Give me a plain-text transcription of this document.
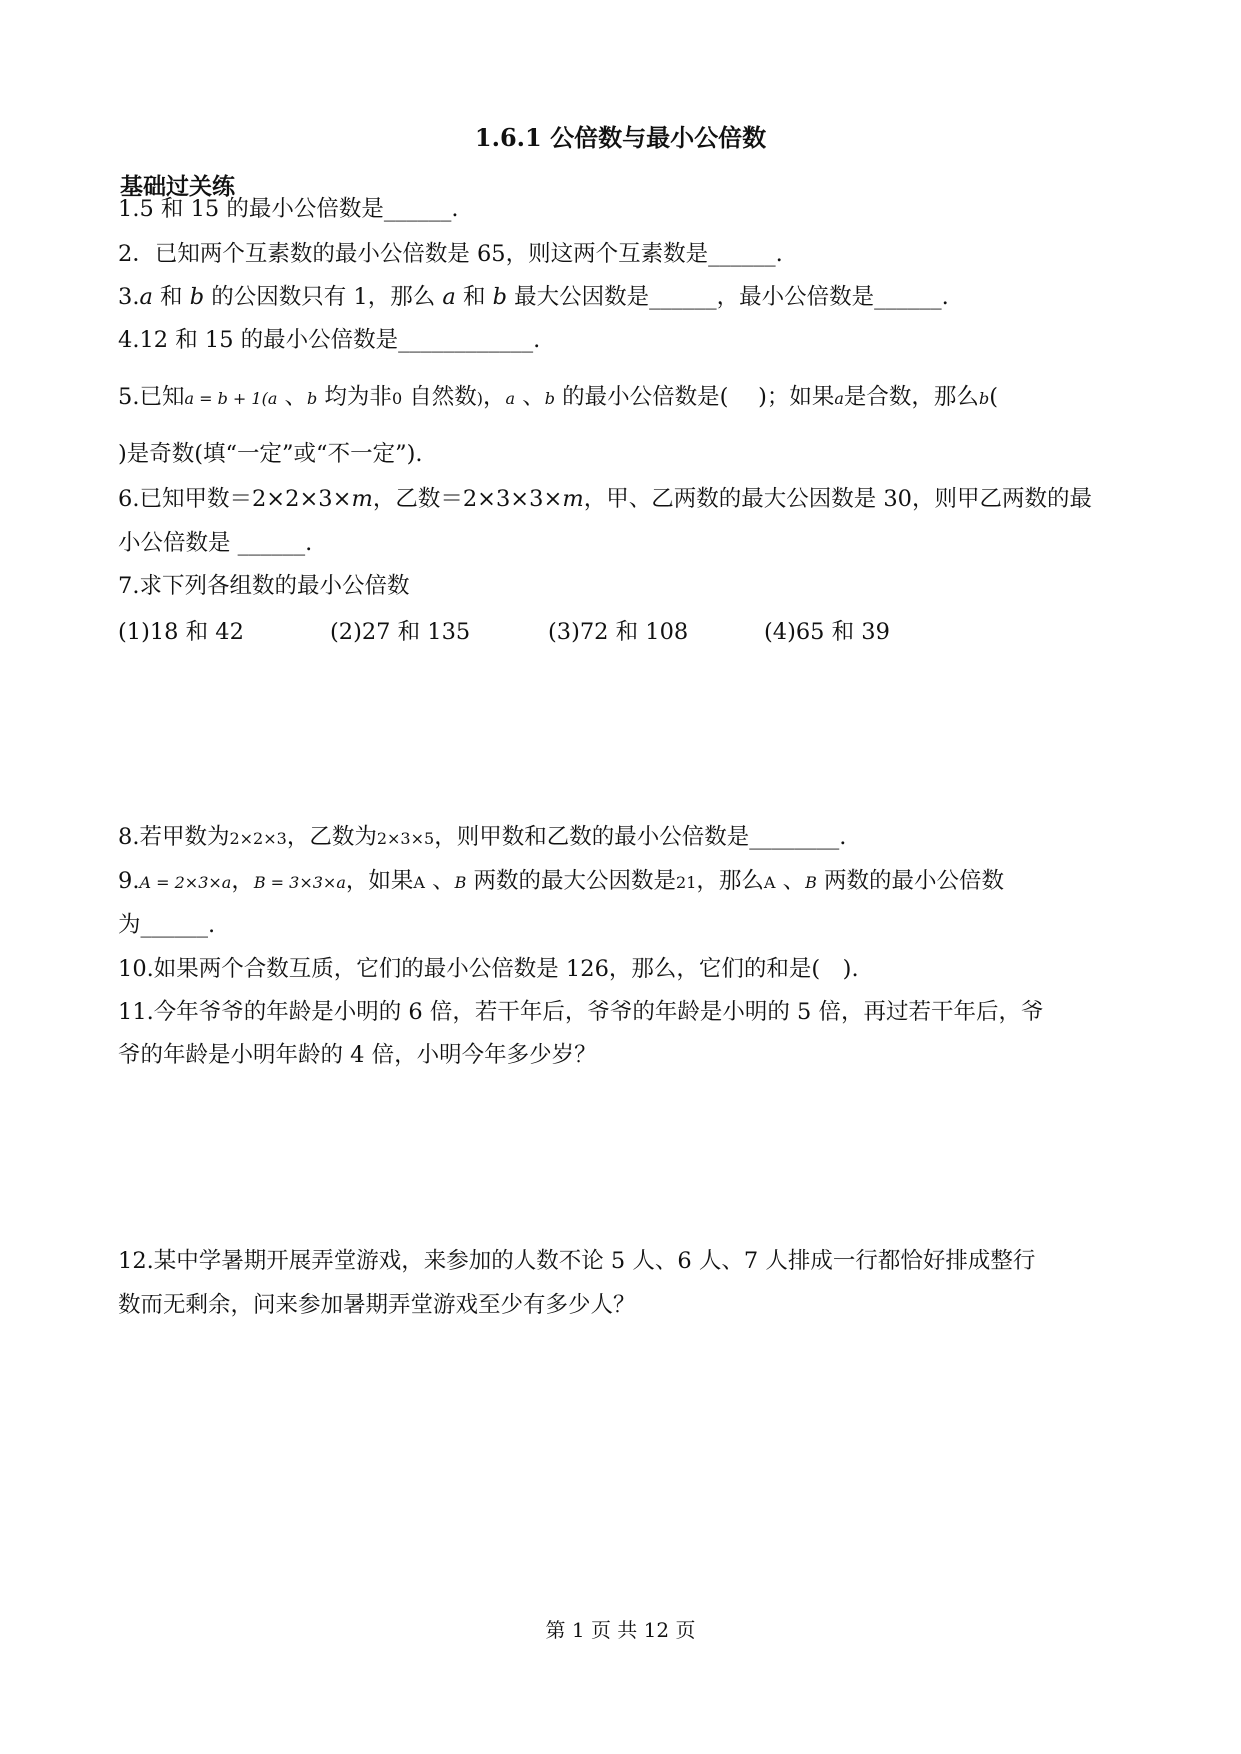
1.6.1 公倍数与最小公倍数
基础过关练
1.5 和 15 的最小公倍数是______.
2．已知两个互素数的最小公倍数是 65，则这两个互素数是______.
3.a 和 b 的公因数只有 1，那么 a 和 b 最大公因数是______，最小公倍数是______.
4.12 和 15 的最小公倍数是____________.
5.已知a = b + 1(a 、b 均为非0 自然数)，a 、b 的最小公倍数是(　 )；如果a是合数，那么b(
)是奇数(填“一定”或“不一定”).
6.已知甲数＝2×2×3×m，乙数＝2×3×3×m，甲、乙两数的最大公因数是 30，则甲乙两数的最
小公倍数是 ______.
7.求下列各组数的最小公倍数
(1)18 和 42	(2)27 和 135	(3)72 和 108	(4)65 和 39
8.若甲数为2×2×3，乙数为2×3×5，则甲数和乙数的最小公倍数是________.
9.A = 2×3×a，B = 3×3×a，如果A 、B 两数的最大公因数是21，那么A 、B 两数的最小公倍数
为______.
10.如果两个合数互质，它们的最小公倍数是 126，那么，它们的和是(　).
11.今年爷爷的年龄是小明的 6 倍，若干年后，爷爷的年龄是小明的 5 倍，再过若干年后，爷
爷的年龄是小明年龄的 4 倍，小明今年多少岁？
12.某中学暑期开展弄堂游戏，来参加的人数不论 5 人、6 人、7 人排成一行都恰好排成整行
数而无剩余，问来参加暑期弄堂游戏至少有多少人？
第 1 页 共 12 页
